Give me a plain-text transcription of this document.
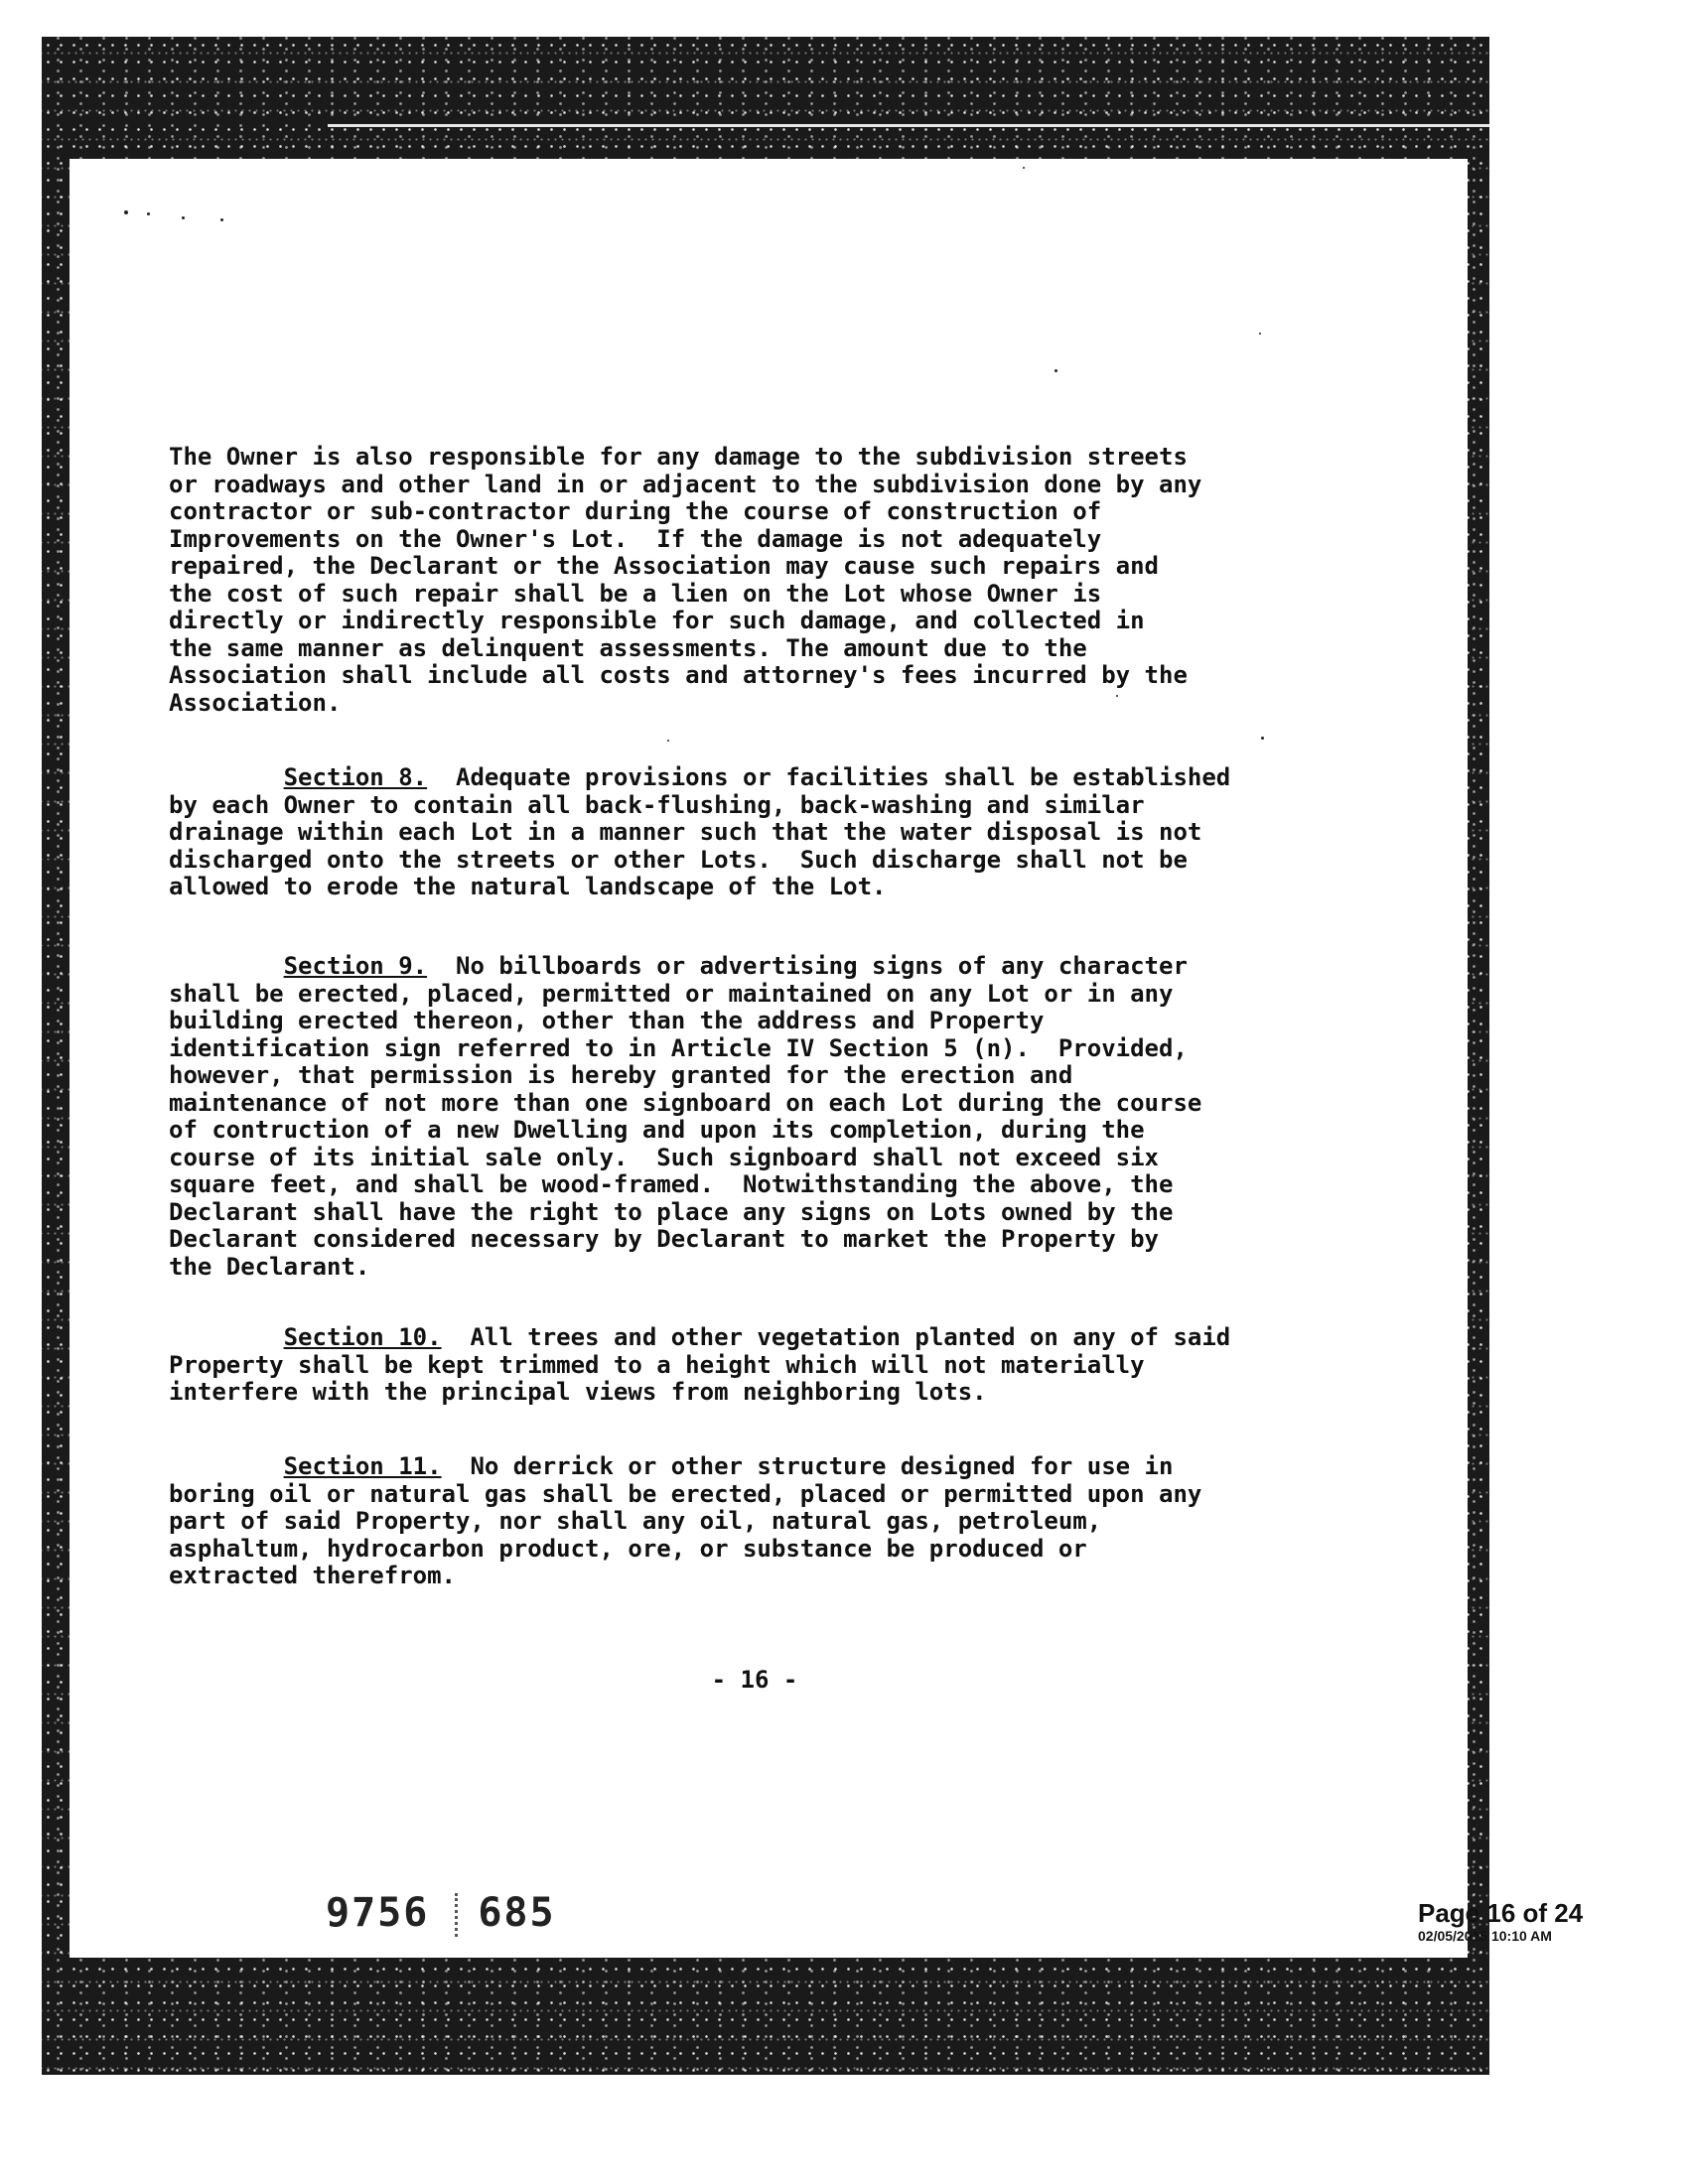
The Owner is also responsible for any damage to the subdivision streets
or roadways and other land in or adjacent to the subdivision done by any
contractor or sub-contractor during the course of construction of
Improvements on the Owner's Lot.  If the damage is not adequately
repaired, the Declarant or the Association may cause such repairs and
the cost of such repair shall be a lien on the Lot whose Owner is
directly or indirectly responsible for such damage, and collected in
the same manner as delinquent assessments. The amount due to the
Association shall include all costs and attorney's fees incurred by the
Association.
Section 8.  Adequate provisions or facilities shall be established
by each Owner to contain all back-flushing, back-washing and similar
drainage within each Lot in a manner such that the water disposal is not
discharged onto the streets or other Lots.  Such discharge shall not be
allowed to erode the natural landscape of the Lot.
Section 9.  No billboards or advertising signs of any character
shall be erected, placed, permitted or maintained on any Lot or in any
building erected thereon, other than the address and Property
identification sign referred to in Article IV Section 5 (n).  Provided,
however, that permission is hereby granted for the erection and
maintenance of not more than one signboard on each Lot during the course
of contruction of a new Dwelling and upon its completion, during the
course of its initial sale only.  Such signboard shall not exceed six
square feet, and shall be wood-framed.  Notwithstanding the above, the
Declarant shall have the right to place any signs on Lots owned by the
Declarant considered necessary by Declarant to market the Property by
the Declarant.
Section 10.  All trees and other vegetation planted on any of said
Property shall be kept trimmed to a height which will not materially
interfere with the principal views from neighboring lots.
Section 11.  No derrick or other structure designed for use in
boring oil or natural gas shall be erected, placed or permitted upon any
part of said Property, nor shall any oil, natural gas, petroleum,
asphaltum, hydrocarbon product, ore, or substance be produced or
extracted therefrom.
- 16 -
9756 685	Page 16 of 24
02/05/2015 10:10 AM
